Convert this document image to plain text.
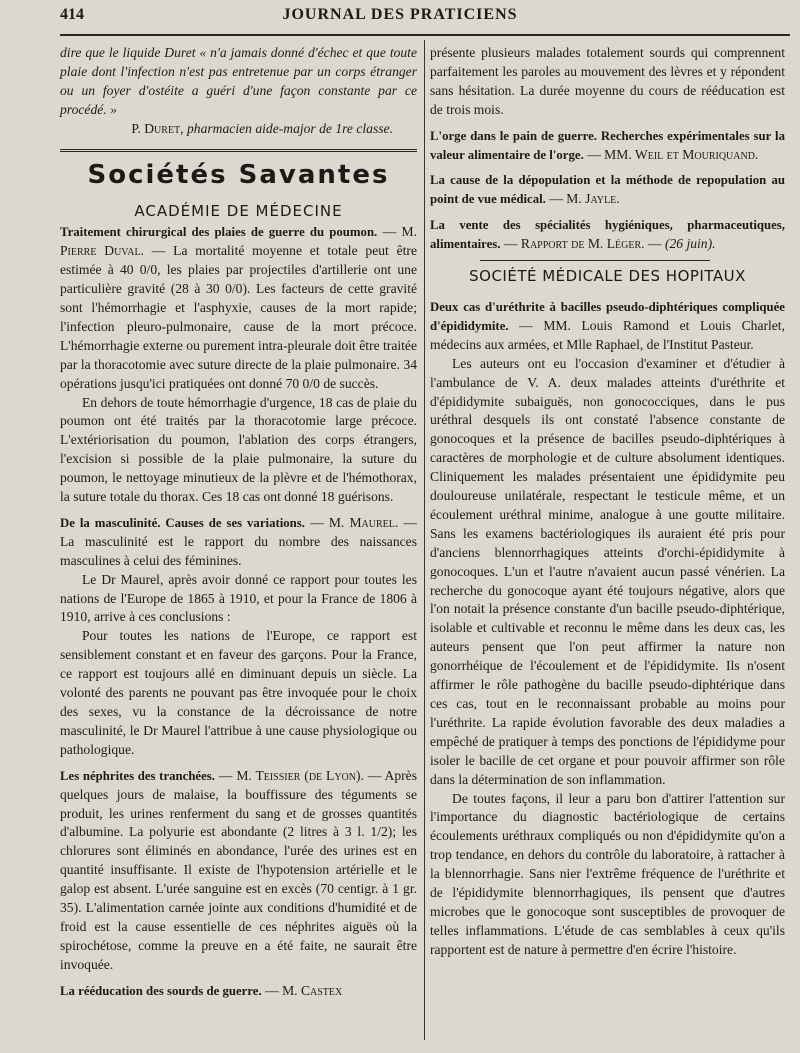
414	JOURNAL DES PRATICIENS

dire que le liquide Duret « n'a jamais donné d'échec et que toute plaie dont l'infection n'est pas entretenue par un corps étranger ou un foyer d'ostéite a guéri d'une façon constante par ce procédé. »

P. Duret, pharmacien aide-major de 1re classe.

Sociétés Savantes
ACADÉMIE DE MÉDECINE

Traitement chirurgical des plaies de guerre du poumon. — M. Pierre Duval. — La mortalité moyenne et totale peut être estimée à 40 0/0, les plaies par projectiles d'artillerie ont une particulière gravité (28 à 30 0/0). Les facteurs de cette gravité sont l'hémorrhagie et l'asphyxie, causes de la mort rapide; l'infection pleuro-pulmonaire, cause de la mort précoce. L'hémorrhagie externe ou purement intra-pleurale doit être traitée par la thoracotomie avec suture directe de la plaie pulmonaire. 34 opérations jusqu'ici pratiquées ont donné 70 0/0 de succès.

En dehors de toute hémorrhagie d'urgence, 18 cas de plaie du poumon ont été traités par la thoracotomie large précoce. L'extériorisation du poumon, l'ablation des corps étrangers, l'excision si possible de la plaie pulmonaire, la suture du poumon, le nettoyage minutieux de la plèvre et de l'hémothorax, la suture totale du thorax. Ces 18 cas ont donné 18 guérisons.

De la masculinité. Causes de ses variations. — M. Maurel. — La masculinité est le rapport du nombre des naissances masculines à celui des féminines.

Le Dr Maurel, après avoir donné ce rapport pour toutes les nations de l'Europe de 1865 à 1910, et pour la France de 1806 à 1910, arrive à ces conclusions :

Pour toutes les nations de l'Europe, ce rapport est sensiblement constant et en faveur des garçons. Pour la France, ce rapport est toujours allé en diminuant depuis un siècle. La volonté des parents ne pouvant pas être invoquée pour le choix des sexes, vu la constance de la décroissance de notre masculinité, le Dr Maurel l'attribue à une cause physiologique ou pathologique.

Les néphrites des tranchées. — M. Teissier (de Lyon). — Après quelques jours de malaise, la bouffissure des téguments se produit, les urines renferment du sang et de grosses quantités d'albumine. La polyurie est abondante (2 litres à 3 l. 1/2); les chlorures sont éliminés en abondance, l'urée des urines est en quantité insuffisante. Il existe de l'hypotension artérielle et le galop est absent. L'urée sanguine est en excès (70 centigr. à 1 gr. 35). L'alimentation carnée jointe aux conditions d'humidité et de froid est la cause essentielle de ces néphrites aiguës où la spirochétose, comme la preuve en a été faite, ne saurait être invoquée.

La rééducation des sourds de guerre. — M. Castex

présente plusieurs malades totalement sourds qui comprennent parfaitement les paroles au mouvement des lèvres et y répondent sans hésitation. La durée moyenne du cours de rééducation est de trois mois.

L'orge dans le pain de guerre. Recherches expérimentales sur la valeur alimentaire de l'orge. — MM. Weil et Mouriquand.

La cause de la dépopulation et la méthode de repopulation au point de vue médical. — M. Jayle.

La vente des spécialités hygiéniques, pharmaceutiques, alimentaires. — Rapport de M. Léger. — (26 juin).

SOCIÉTÉ MÉDICALE DES HOPITAUX

Deux cas d'uréthrite à bacilles pseudo-diphtériques compliquée d'épididymite. — MM. Louis Ramond et Louis Charlet, médecins aux armées, et Mlle Raphael, de l'Institut Pasteur.

Les auteurs ont eu l'occasion d'examiner et d'étudier à l'ambulance de V. A. deux malades atteints d'uréthrite et d'épididymite subaiguës, non gonococciques, dans le pus uréthral desquels ils ont constaté l'absence constante de gonocoques et la présence de bacilles pseudo-diphtériques à caractères de morphologie et de culture absolument identiques. Cliniquement les malades présentaient une épididymite peu douloureuse unilatérale, respectant le testicule même, et un écoulement uréthral minime, analogue à une goutte militaire. Sans les examens bactériologiques ils auraient été pris pour d'anciens blennorrhagiques atteints d'orchi-épididymite à gonocoques. L'un et l'autre n'avaient aucun passé vénérien. La recherche du gonocoque ayant été toujours négative, alors que l'on notait la présence constante d'un bacille pseudo-diphtérique, isolable et cultivable et reconnu le même dans les deux cas, les auteurs pensent que l'on peut affirmer la nature non gonorrhéique de l'écoulement et de l'épididymite. Ils n'osent affirmer le rôle pathogène du bacille pseudo-diphtérique dans ces cas, tout en le reconnaissant probable au moins pour l'uréthrite. La rapide évolution favorable des deux maladies a empêché de pratiquer à temps des ponctions de l'épididyme pour isoler le bacille de cet organe et pour pouvoir affirmer son rôle dans la détermination de son inflammation.

De toutes façons, il leur a paru bon d'attirer l'attention sur l'importance du diagnostic bactériologique de certains écoulements uréthraux compliqués ou non d'épididymite qu'on a trop tendance, en dehors du contrôle du laboratoire, à rattacher à la blennorrhagie. Sans nier l'extrême fréquence de l'uréthrite et de l'épididymite blennorrhagiques, ils pensent que d'autres microbes que le gonocoque sont susceptibles de provoquer de telles inflammations. L'étude de cas semblables à ceux qu'ils rapportent est de nature à permettre d'en écrire l'histoire.
